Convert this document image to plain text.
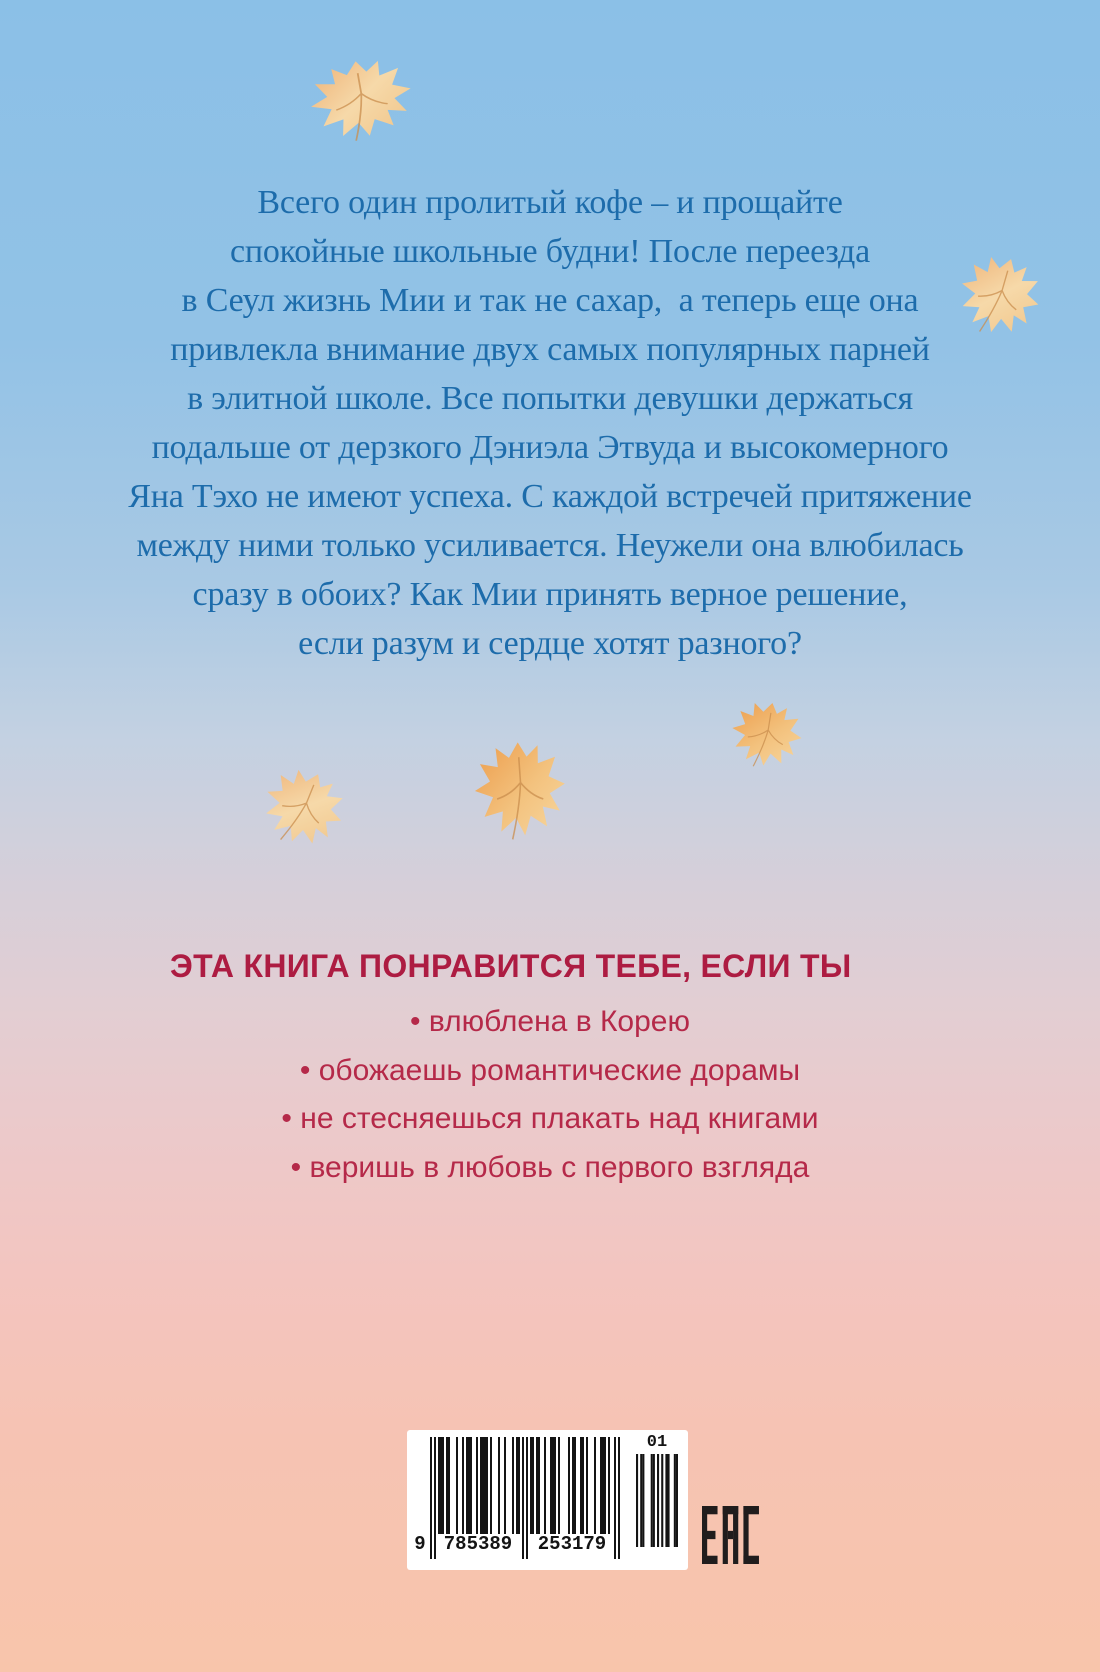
Всего один пролитый кофе – и прощайте
спокойные школьные будни! После переезда
в Сеул жизнь Мии и так не сахар,  а теперь еще она
привлекла внимание двух самых популярных парней
в элитной школе. Все попытки девушки держаться
подальше от дерзкого Дэниэла Этвуда и высокомерного
Яна Тэхо не имеют успеха. С каждой встречей притяжение
между ними только усиливается. Неужели она влюбилась
сразу в обоих? Как Мии принять верное решение,
если разум и сердце хотят разного?
ЭТА КНИГА ПОНРАВИТСЯ ТЕБЕ, ЕСЛИ ТЫ
• влюблена в Корею
• обожаешь романтические дорамы
• не стесняешься плакать над книгами
• веришь в любовь с первого взгляда
9 785389	253179
01
